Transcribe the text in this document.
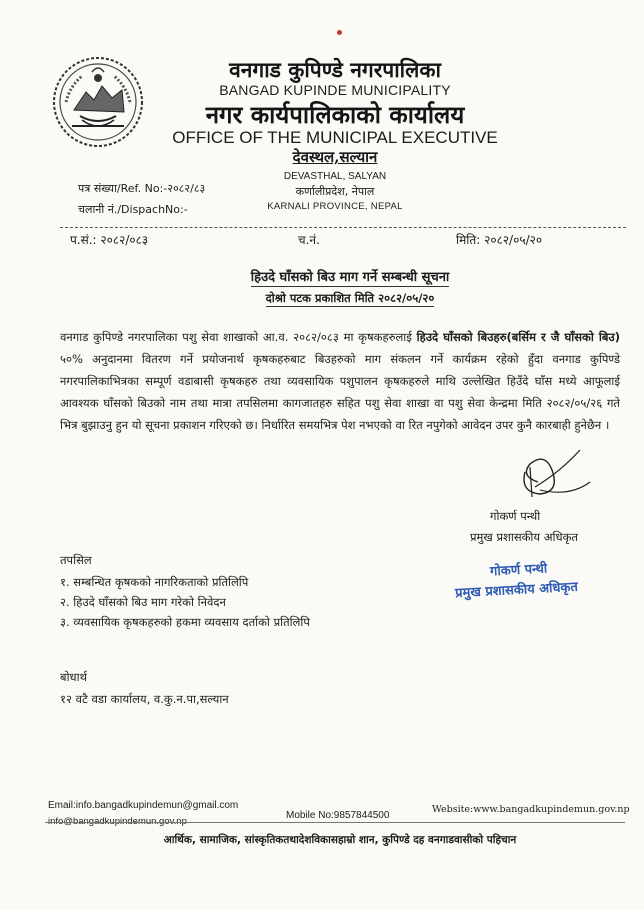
वनगाड कुपिण्डे नगरपालिका
BANGAD KUPINDE MUNICIPALITY
नगर कार्यपालिकाको कार्यालय
OFFICE OF THE MUNICIPAL EXECUTIVE
देवस्थल,सल्यान
DEVASTHAL, SALYAN
कर्णालीप्रदेश, नेपाल
KARNALI PROVINCE, NEPAL
पत्र संख्या/Ref. No:-२०८२/८३
चलानी नं./DispachNo:-
प.सं.: २०८२/०८३	च.नं.	मिति: २०८२/०५/२०
हिउदे घाँसको बिउ माग गर्ने सम्बन्धी सूचना
दोश्रो पटक प्रकाशित मिति २०८२/०५/२०
वनगाड कुपिण्डे नगरपालिका पशु सेवा शाखाको आ.व. २०८२/०८३ मा कृषकहरुलाई हिउदे घाँसको बिउहरु(बर्सिम र जै घाँसको बिउ) ५०% अनुदानमा वितरण गर्ने प्रयोजनार्थ कृषकहरुबाट बिउहरुको माग संकलन गर्ने कार्यक्रम रहेको हुँदा वनगाड कुपिण्डे नगरपालिकाभित्रका सम्पूर्ण वडाबासी कृषकहरु तथा व्यवसायिक पशुपालन कृषकहरुले माथि उल्लेखित हिउँदे घाँस मध्ये आफूलाई आवश्यक घाँसको बिउको नाम तथा मात्रा तपसिलमा कागजातहरु सहित पशु सेवा शाखा वा पशु सेवा केन्द्रमा मिति २०८२/०५/२६ गते भित्र बुझाउनु हुन यो सूचना प्रकाशन गरिएको छ। निर्धारित समयभित्र पेश नभएको वा रित नपुगेको आवेदन उपर कुनै कारबाही हुनेछैन ।
गोकर्ण पन्थी
प्रमुख प्रशासकीय अधिकृत
गोकर्ण पन्थी
प्रमुख प्रशासकीय अधिकृत
तपसिल
१. सम्बन्धित कृषकको नागरिकताको प्रतिलिपि
२. हिउदे घाँसको बिउ माग गरेको निवेदन
३. व्यवसायिक कृषकहरुको हकमा व्यवसाय दर्ताको प्रतिलिपि
बोधार्थ
१२ वटै वडा कार्यालय, व.कु.न.पा,सल्यान
Email:info.bangadkupindemun@gmail.com
info@bangadkupindemun.gov.np
Mobile No:9857844500
Website:www.bangadkupindemun.gov.np
आर्थिक, सामाजिक, सांस्कृतिकतथादेशविकासहाम्रो शान, कुपिण्डे दह वनगाडवासीको पहिचान
